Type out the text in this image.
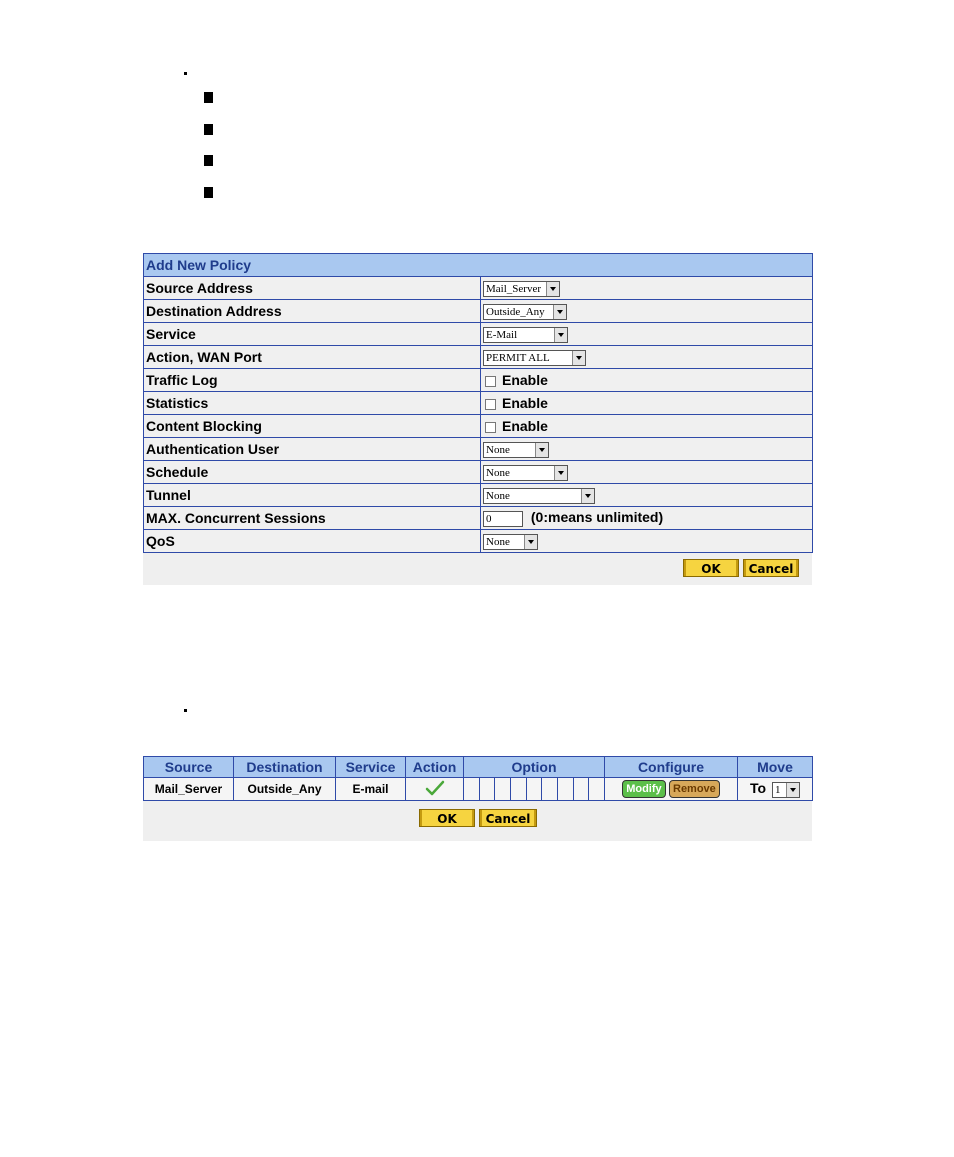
Add New Policy	
Source Address	Mail_Server

Destination Address	Outside_Any

Service	E-Mail

Action, WAN Port	PERMIT ALL

Traffic Log	Enable
Statistics	Enable
Content Blocking	Enable
Authentication User	None

Schedule	None

Tunnel	None

MAX. Concurrent Sessions	0 (0:means unlimited)
QoS	None
OK	Cancel
Source	Destination	Service	Action	Option	Configure	Move
Mail_Server	Outside_Any	E-mail			Modify Remove	To 1
OK	Cancel
